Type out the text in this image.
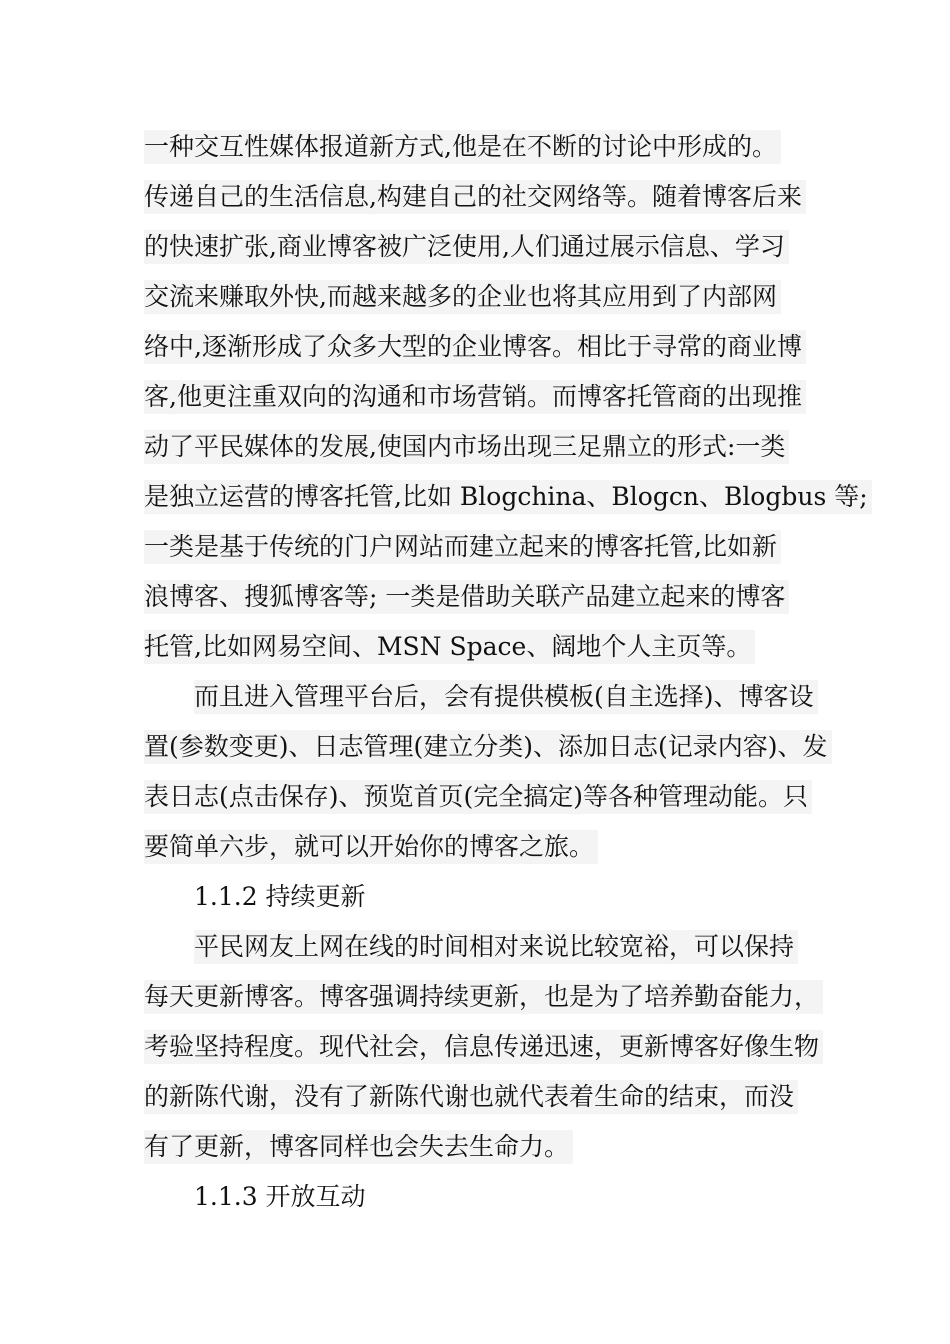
一种交互性媒体报道新方式,他是在不断的讨论中形成的。
传递自己的生活信息,构建自己的社交网络等。随着博客后来
的快速扩张,商业博客被广泛使用,人们通过展示信息、学习
交流来赚取外快,而越来越多的企业也将其应用到了内部网
络中,逐渐形成了众多大型的企业博客。相比于寻常的商业博
客,他更注重双向的沟通和市场营销。而博客托管商的出现推
动了平民媒体的发展,使国内市场出现三足鼎立的形式:一类
是独立运营的博客托管,比如 Blogchina、Blogcn、Blogbus 等;
一类是基于传统的门户网站而建立起来的博客托管,比如新
浪博客、搜狐博客等; 一类是借助关联产品建立起来的博客
托管,比如网易空间、MSN Space、阔地个人主页等。
而且进入管理平台后，会有提供模板(自主选择)、博客设
置(参数变更)、日志管理(建立分类)、添加日志(记录内容)、发
表日志(点击保存)、预览首页(完全搞定)等各种管理动能。只
要简单六步，就可以开始你的博客之旅。
1.1.2 持续更新
平民网友上网在线的时间相对来说比较宽裕，可以保持
每天更新博客。博客强调持续更新，也是为了培养勤奋能力，
考验坚持程度。现代社会，信息传递迅速，更新博客好像生物
的新陈代谢，没有了新陈代谢也就代表着生命的结束，而没
有了更新，博客同样也会失去生命力。
1.1.3 开放互动
